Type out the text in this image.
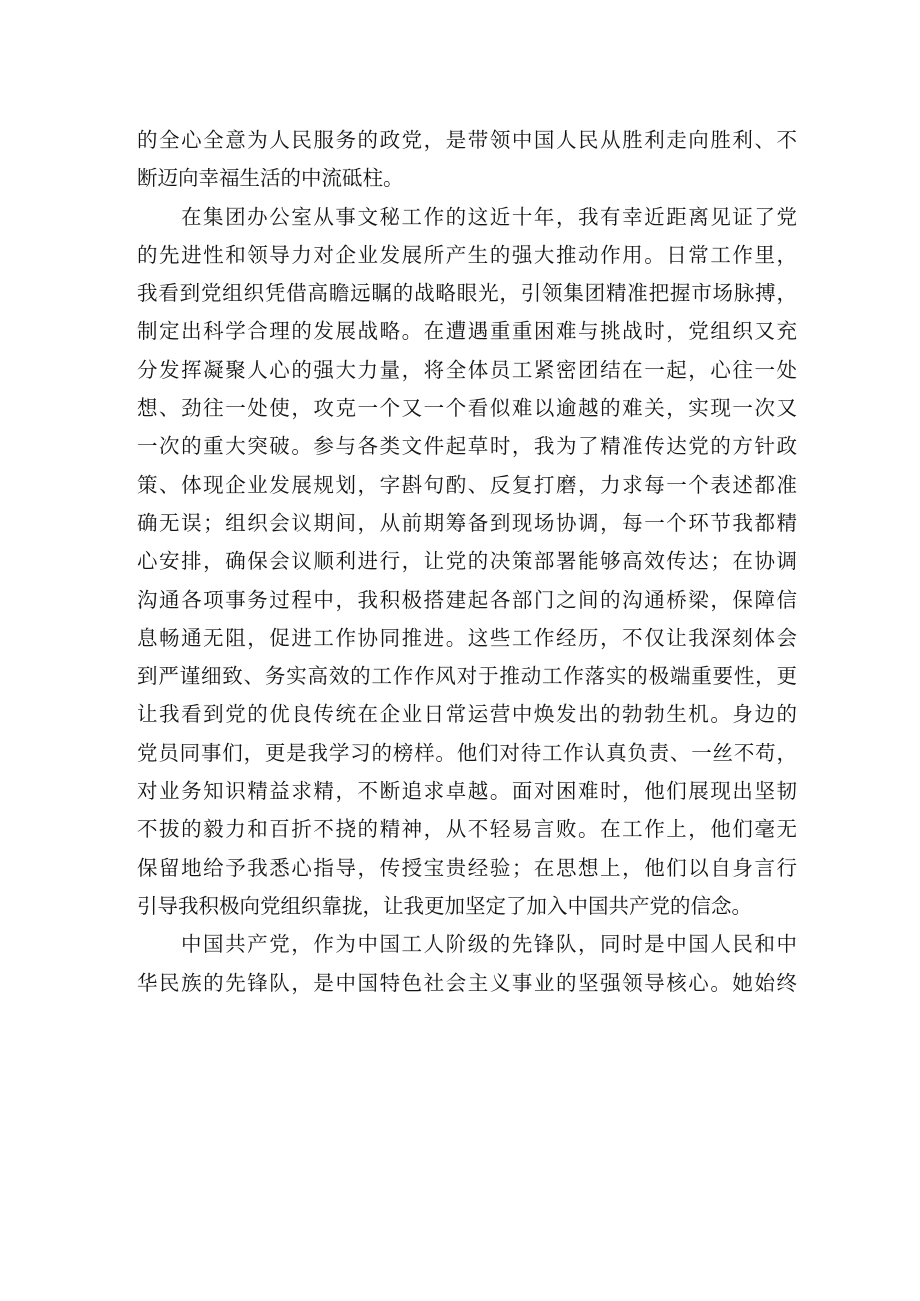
的全心全意为人民服务的政党，是带领中国人民从胜利走向胜利、不
断迈向幸福生活的中流砥柱。
在集团办公室从事文秘工作的这近十年，我有幸近距离见证了党
的先进性和领导力对企业发展所产生的强大推动作用。日常工作里，
我看到党组织凭借高瞻远瞩的战略眼光，引领集团精准把握市场脉搏，
制定出科学合理的发展战略。在遭遇重重困难与挑战时，党组织又充
分发挥凝聚人心的强大力量，将全体员工紧密团结在一起，心往一处
想、劲往一处使，攻克一个又一个看似难以逾越的难关，实现一次又
一次的重大突破。参与各类文件起草时，我为了精准传达党的方针政
策、体现企业发展规划，字斟句酌、反复打磨，力求每一个表述都准
确无误；组织会议期间，从前期筹备到现场协调，每一个环节我都精
心安排，确保会议顺利进行，让党的决策部署能够高效传达；在协调
沟通各项事务过程中，我积极搭建起各部门之间的沟通桥梁，保障信
息畅通无阻，促进工作协同推进。这些工作经历，不仅让我深刻体会
到严谨细致、务实高效的工作作风对于推动工作落实的极端重要性，更
让我看到党的优良传统在企业日常运营中焕发出的勃勃生机。身边的
党员同事们，更是我学习的榜样。他们对待工作认真负责、一丝不苟，
对业务知识精益求精，不断追求卓越。面对困难时，他们展现出坚韧
不拔的毅力和百折不挠的精神，从不轻易言败。在工作上，他们毫无
保留地给予我悉心指导，传授宝贵经验；在思想上，他们以自身言行
引导我积极向党组织靠拢，让我更加坚定了加入中国共产党的信念。
中国共产党，作为中国工人阶级的先锋队，同时是中国人民和中
华民族的先锋队，是中国特色社会主义事业的坚强领导核心。她始终
